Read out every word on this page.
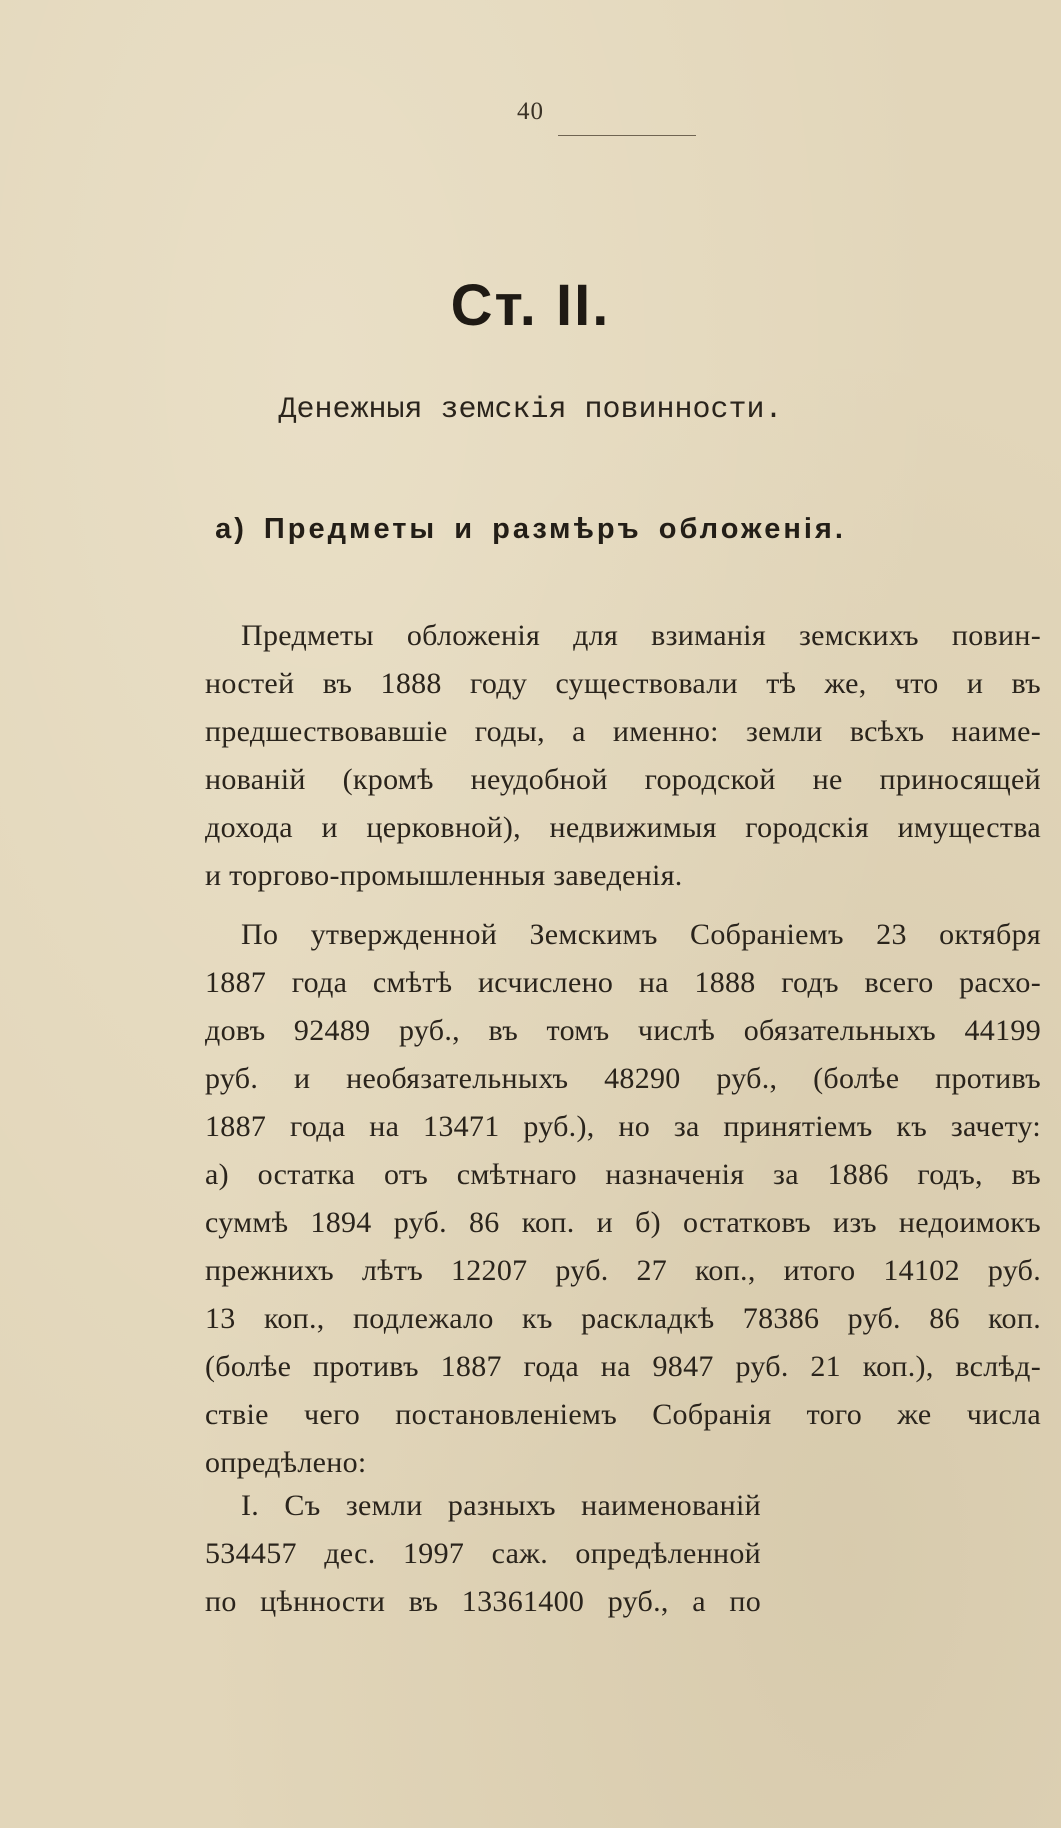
40
Ст. II.
Денежныя земскія повинности.
а) Предметы и размѣръ обложенія.
Предметы обложенія для взиманія земскихъ повин-
ностей въ 1888 году существовали тѣ же, что и въ
предшествовавшіе годы, а именно: земли всѣхъ наиме-
нованій (кромѣ неудобной городской не приносящей
дохода и церковной), недвижимыя городскія имущества
и торгово-промышленныя заведенія.
По утвержденной Земскимъ Собраніемъ 23 октября
1887 года смѣтѣ исчислено на 1888 годъ всего расхо-
довъ 92489 руб., въ томъ числѣ обязательныхъ 44199
руб. и необязательныхъ 48290 руб., (болѣе противъ
1887 года на 13471 руб.), но за принятіемъ къ зачету:
а) остатка отъ смѣтнаго назначенія за 1886 годъ, въ
суммѣ 1894 руб. 86 коп. и б) остатковъ изъ недоимокъ
прежнихъ лѣтъ 12207 руб. 27 коп., итого 14102 руб.
13 коп., подлежало къ раскладкѣ 78386 руб. 86 коп.
(болѣе противъ 1887 года на 9847 руб. 21 коп.), вслѣд-
ствіе чего постановленіемъ Собранія того же числа
опредѣлено:
I. Съ земли разныхъ наименованій
534457 дес. 1997 саж. опредѣленной
по цѣнности въ 13361400 руб., а по
